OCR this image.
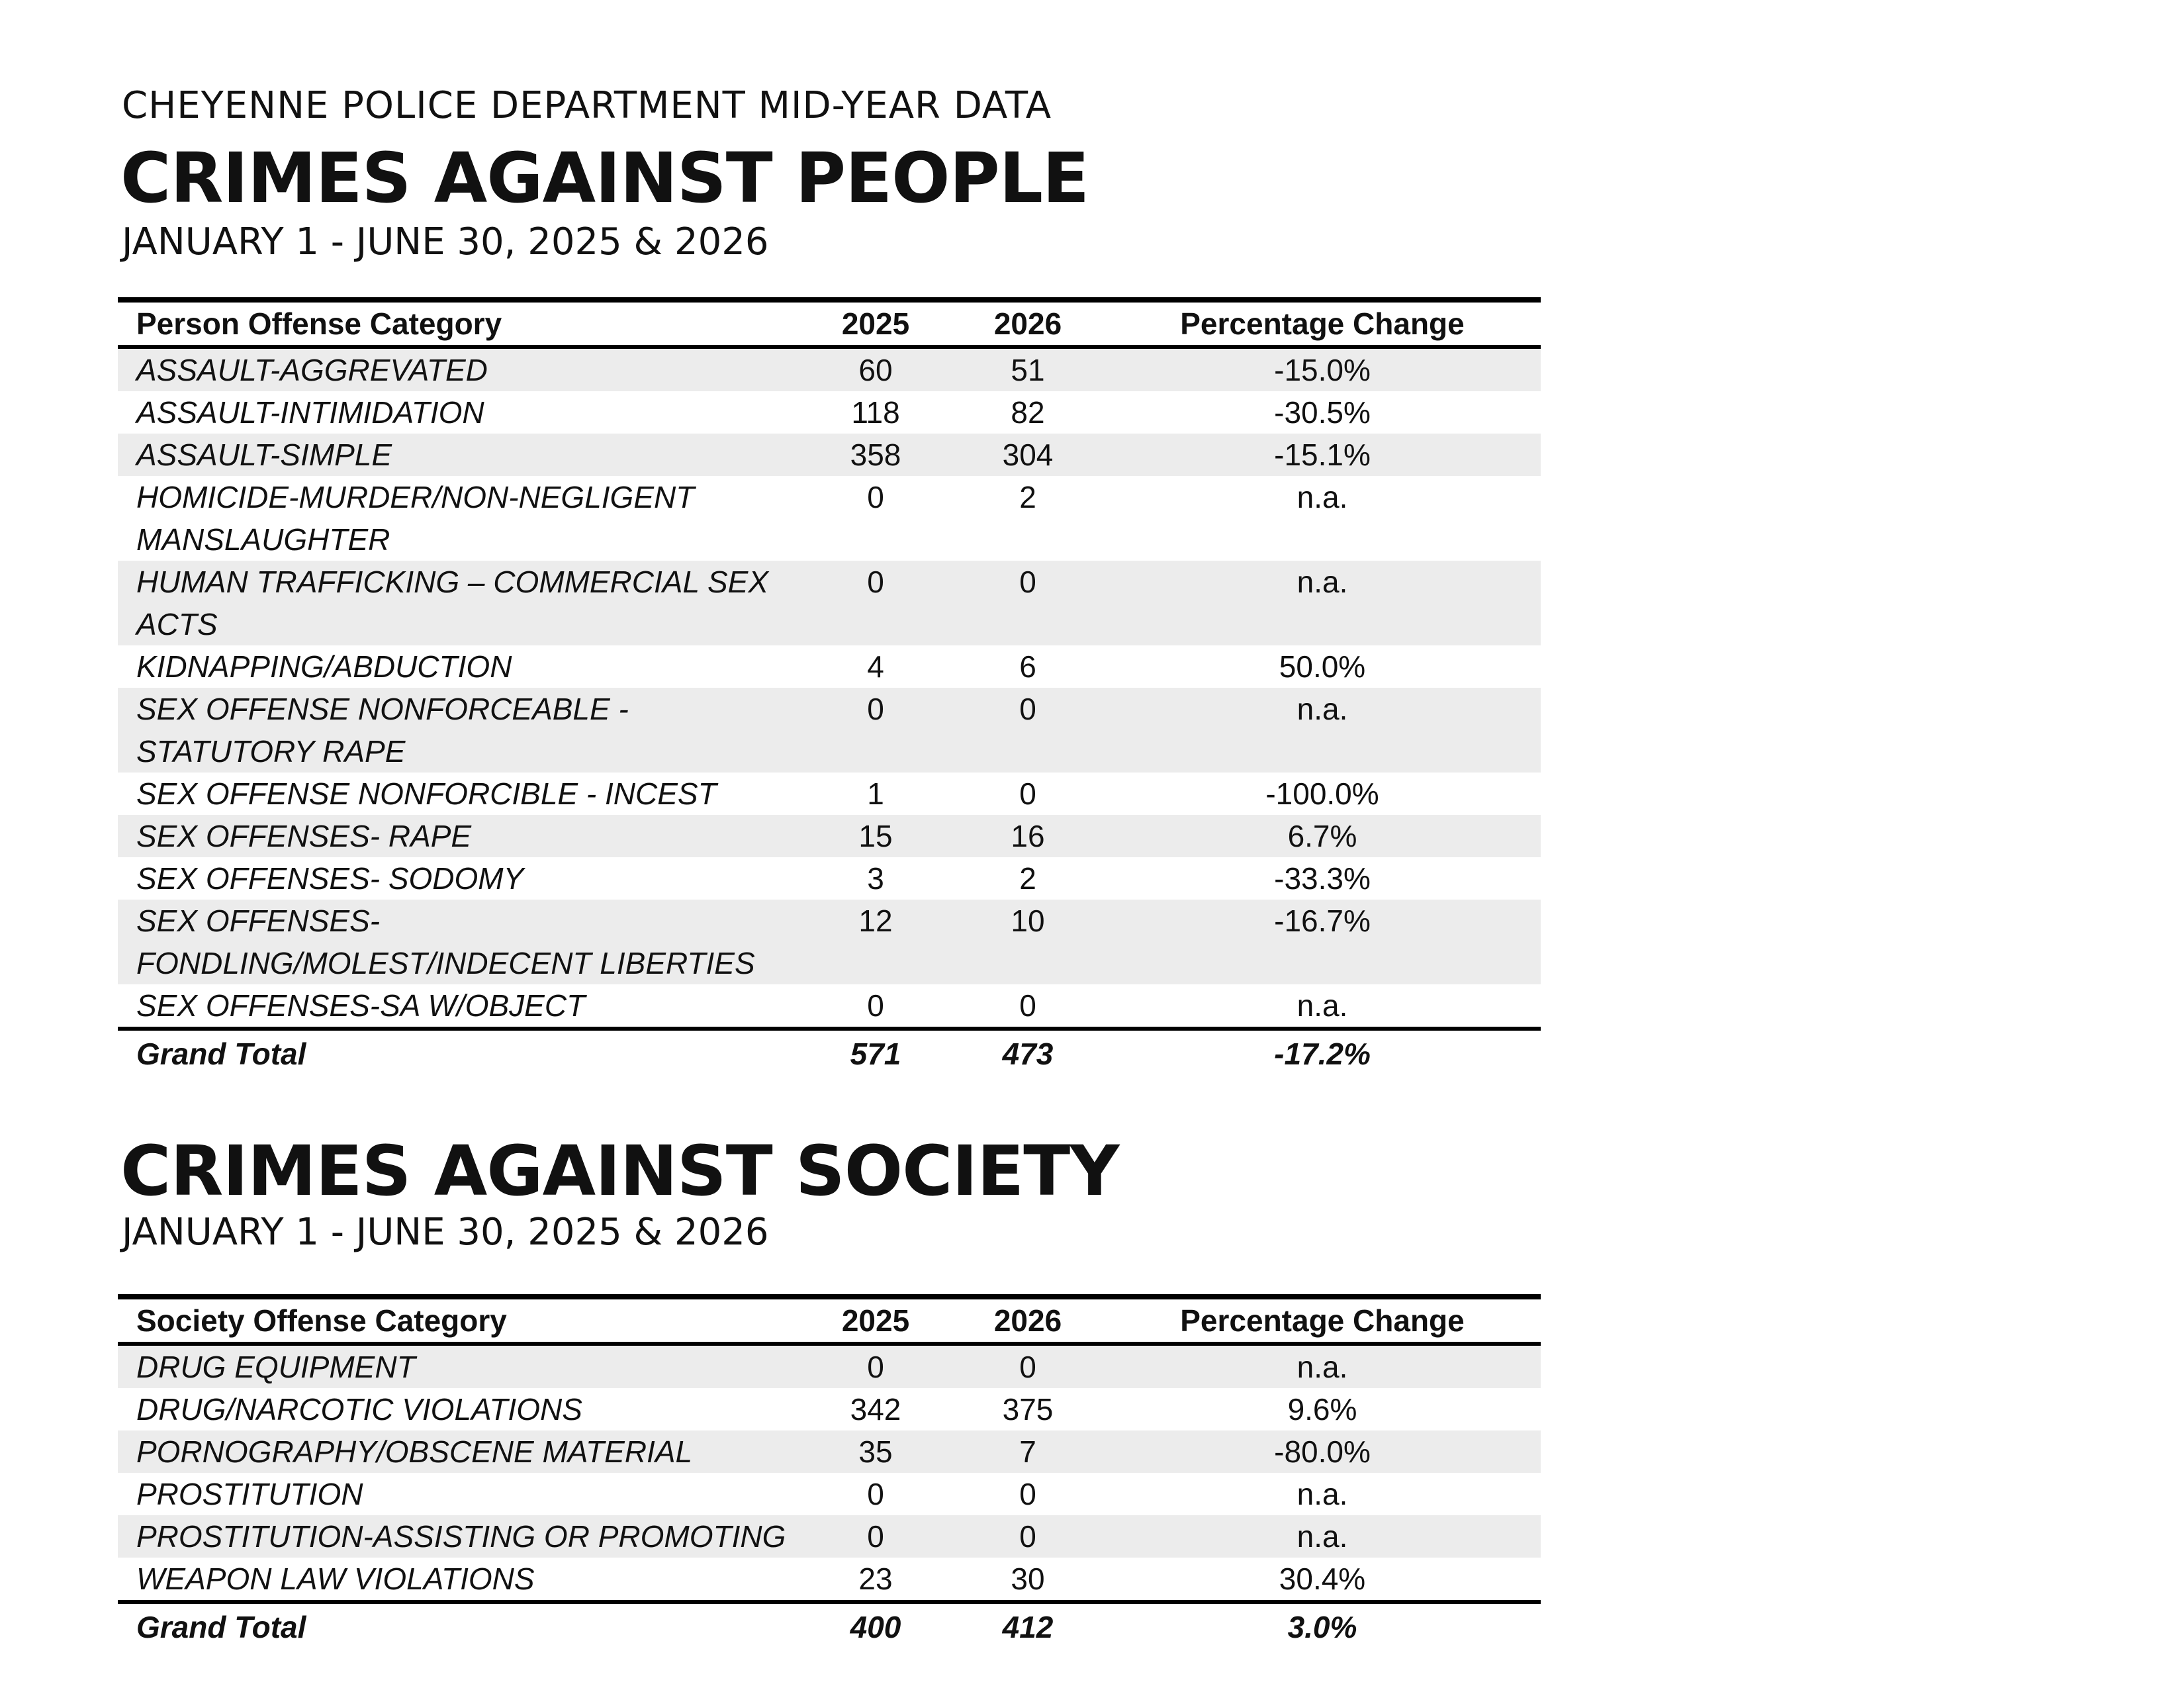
CHEYENNE POLICE DEPARTMENT MID-YEAR DATA
CRIMES AGAINST PEOPLE
JANUARY 1 - JUNE 30, 2025 & 2026
Person Offense Category	2025	2026	Percentage Change
ASSAULT-AGGREVATED	60	51	-15.0%
ASSAULT-INTIMIDATION	118	82	-30.5%
ASSAULT-SIMPLE	358	304	-15.1%
HOMICIDE-MURDER/NON-NEGLIGENT MANSLAUGHTER	0	2	n.a.
HUMAN TRAFFICKING – COMMERCIAL SEX ACTS	0	0	n.a.
KIDNAPPING/ABDUCTION	4	6	50.0%
SEX OFFENSE NONFORCEABLE - STATUTORY RAPE	0	0	n.a.
SEX OFFENSE NONFORCIBLE - INCEST	1	0	-100.0%
SEX OFFENSES- RAPE	15	16	6.7%
SEX OFFENSES- SODOMY	3	2	-33.3%
SEX OFFENSES-FONDLING/MOLEST/INDECENT LIBERTIES	12	10	-16.7%
SEX OFFENSES-SA W/OBJECT	0	0	n.a.
Grand Total	571	473	-17.2%
CRIMES AGAINST SOCIETY
JANUARY 1 - JUNE 30, 2025 & 2026
Society Offense Category	2025	2026	Percentage Change
DRUG EQUIPMENT	0	0	n.a.
DRUG/NARCOTIC VIOLATIONS	342	375	9.6%
PORNOGRAPHY/OBSCENE MATERIAL	35	7	-80.0%
PROSTITUTION	0	0	n.a.
PROSTITUTION-ASSISTING OR PROMOTING	0	0	n.a.
WEAPON LAW VIOLATIONS	23	30	30.4%
Grand Total	400	412	3.0%
